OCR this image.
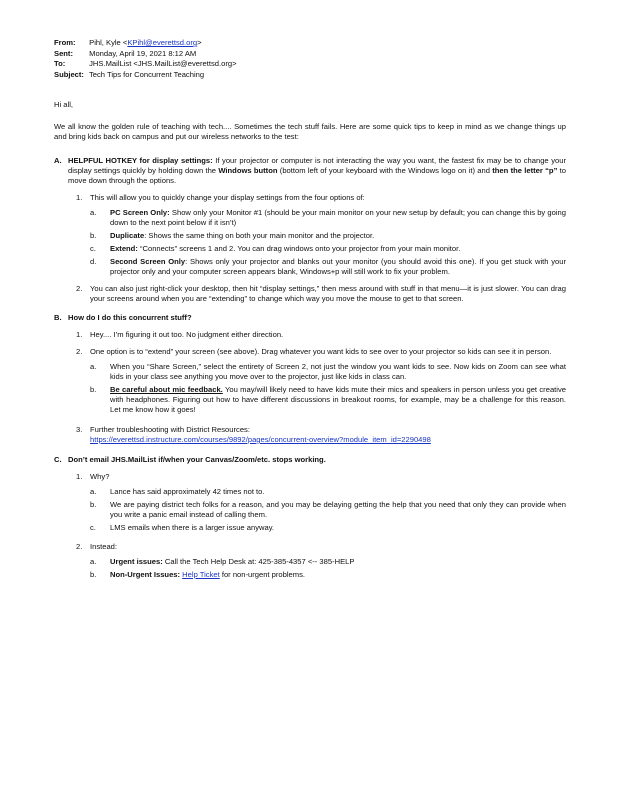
From: Pihl, Kyle <KPihl@everettsd.org>
Sent: Monday, April 19, 2021 8:12 AM
To:	JHS.MailList <JHS.MailList@everettsd.org>
Subject: Tech Tips for Concurrent Teaching

Hi all,

We all know the golden rule of teaching with tech.... Sometimes the tech stuff fails. Here are some quick tips to keep in mind as we change things up and bring kids back on campus and put our wireless networks to the test:

A. HELPFUL HOTKEY for display settings: If your projector or computer is not interacting the way you want, the fastest fix may be to change your display settings quickly by holding down the Windows button (bottom left of your keyboard with the Windows logo on it) and then the letter “p” to move down through the options.

1. This will allow you to quickly change your display settings from the four options of:

a. PC Screen Only: Show only your Monitor #1 (should be your main monitor on your new setup by default; you can change this by going down to the next point below if it isn’t)

b. Duplicate: Shows the same thing on both your main monitor and the projector.

c. Extend: “Connects” screens 1 and 2. You can drag windows onto your projector from your main monitor.

d. Second Screen Only: Shows only your projector and blanks out your monitor (you should avoid this one). If you get stuck with your projector only and your computer screen appears blank, Windows+p will still work to fix your problem.

2. You can also just right-click your desktop, then hit “display settings,” then mess around with stuff in that menu—it is just slower. You can drag your screens around when you are “extending” to change which way you move the mouse to get to that screen.

B. How do I do this concurrent stuff?

1. Hey.... I’m figuring it out too. No judgment either direction.

2. One option is to “extend” your screen (see above). Drag whatever you want kids to see over to your projector so kids can see it in person.

a. When you “Share Screen,” select the entirety of Screen 2, not just the window you want kids to see. Now kids on Zoom can see what kids in your class see anything you move over to the projector, just like kids in class can.

b. Be careful about mic feedback. You may/will likely need to have kids mute their mics and speakers in person unless you get creative with headphones. Figuring out how to have different discussions in breakout rooms, for example, may be a challenge for this reason. Let me know how it goes!

3. Further troubleshooting with District Resources:

https://everettsd.instructure.com/courses/9892/pages/concurrent-overview?module_item_id=2290498

C. Don’t email JHS.MailList if/when your Canvas/Zoom/etc. stops working.

1. Why?

a. Lance has said approximately 42 times not to.

b. We are paying district tech folks for a reason, and you may be delaying getting the help that you need that only they can provide when you write a panic email instead of calling them.

c. LMS emails when there is a larger issue anyway.

2. Instead:

a. Urgent issues: Call the Tech Help Desk at: 425-385-4357 <-- 385-HELP

b. Non-Urgent Issues: Help Ticket for non-urgent problems.
